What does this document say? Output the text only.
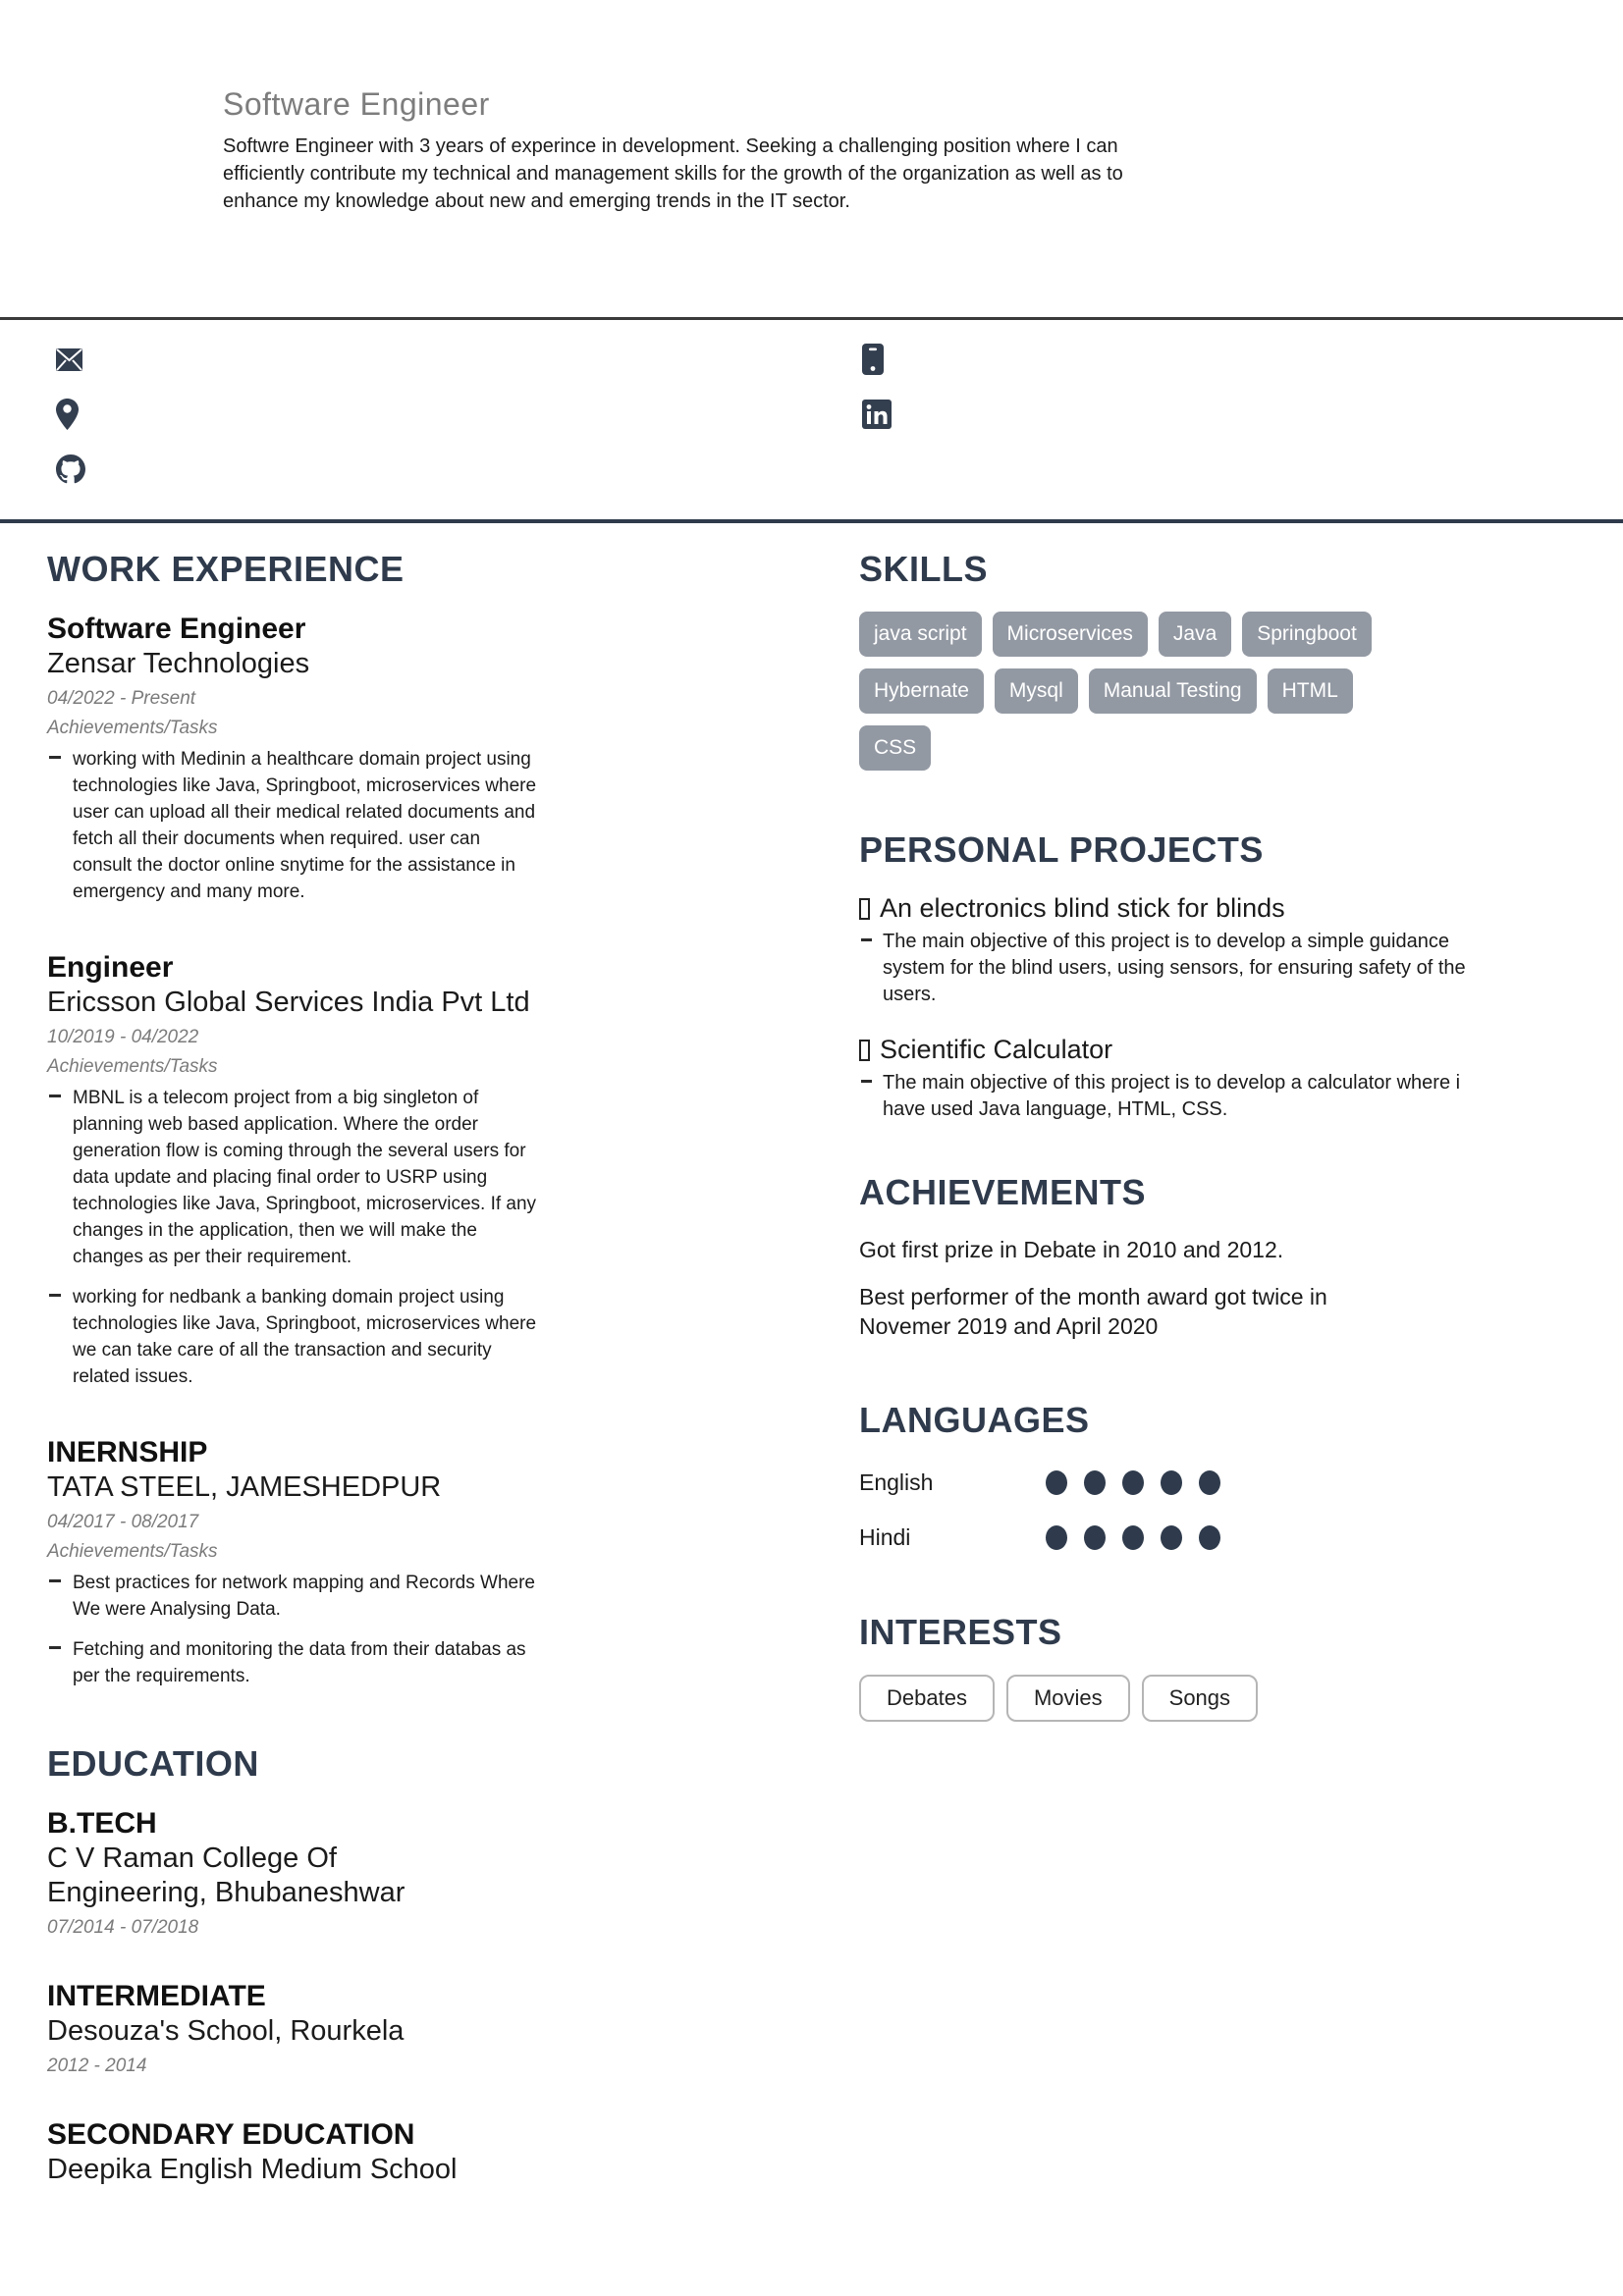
Software Engineer

Softwre Engineer with 3 years of experince in development. Seeking a challenging position where I can efficiently contribute my technical and management skills for the growth of the organization as well as to enhance my knowledge about new and emerging trends in the IT sector.

WORK EXPERIENCE
Software Engineer
Zensar Technologies
04/2022 - Present
Achievements/Tasks
working with Medinin a healthcare domain project using technologies like Java, Springboot, microservices where user can upload all their medical related documents and fetch all their documents when required. user can consult the doctor online snytime for the assistance in emergency and many more.
Engineer
Ericsson Global Services India Pvt Ltd
10/2019 - 04/2022
Achievements/Tasks
MBNL is a telecom project from a big singleton of planning web based application. Where the order generation flow is coming through the several users for data update and placing final order to USRP using technologies like Java, Springboot, microservices. If any changes in the application, then we will make the changes as per their requirement.
working for nedbank a banking domain project using technologies like Java, Springboot, microservices where we can take care of all the transaction and security related issues.
INERNSHIP
TATA STEEL, JAMESHEDPUR
04/2017 - 08/2017
Achievements/Tasks
Best practices for network mapping and Records Where We were Analysing Data.
Fetching and monitoring the data from their databas as per the requirements.
EDUCATION
B.TECH
C V Raman College Of Engineering, Bhubaneshwar
07/2014 - 07/2018
INTERMEDIATE
Desouza's School, Rourkela
2012 - 2014
SECONDARY EDUCATION
Deepika English Medium School
SKILLS
java script	Microservices	Java	Springboot
Hybernate	Mysql	Manual Testing	HTML
CSS
PERSONAL PROJECTS
An electronics blind stick for blinds
The main objective of this project is to develop a simple guidance system for the blind users, using sensors, for ensuring safety of the users.
Scientific Calculator
The main objective of this project is to develop a calculator where i have used Java language, HTML, CSS.
ACHIEVEMENTS

Got first prize in Debate in 2010 and 2012.

Best performer of the month award got twice in Novemer 2019 and April 2020

LANGUAGES
English
Hindi
INTERESTS
Debates	Movies	Songs
